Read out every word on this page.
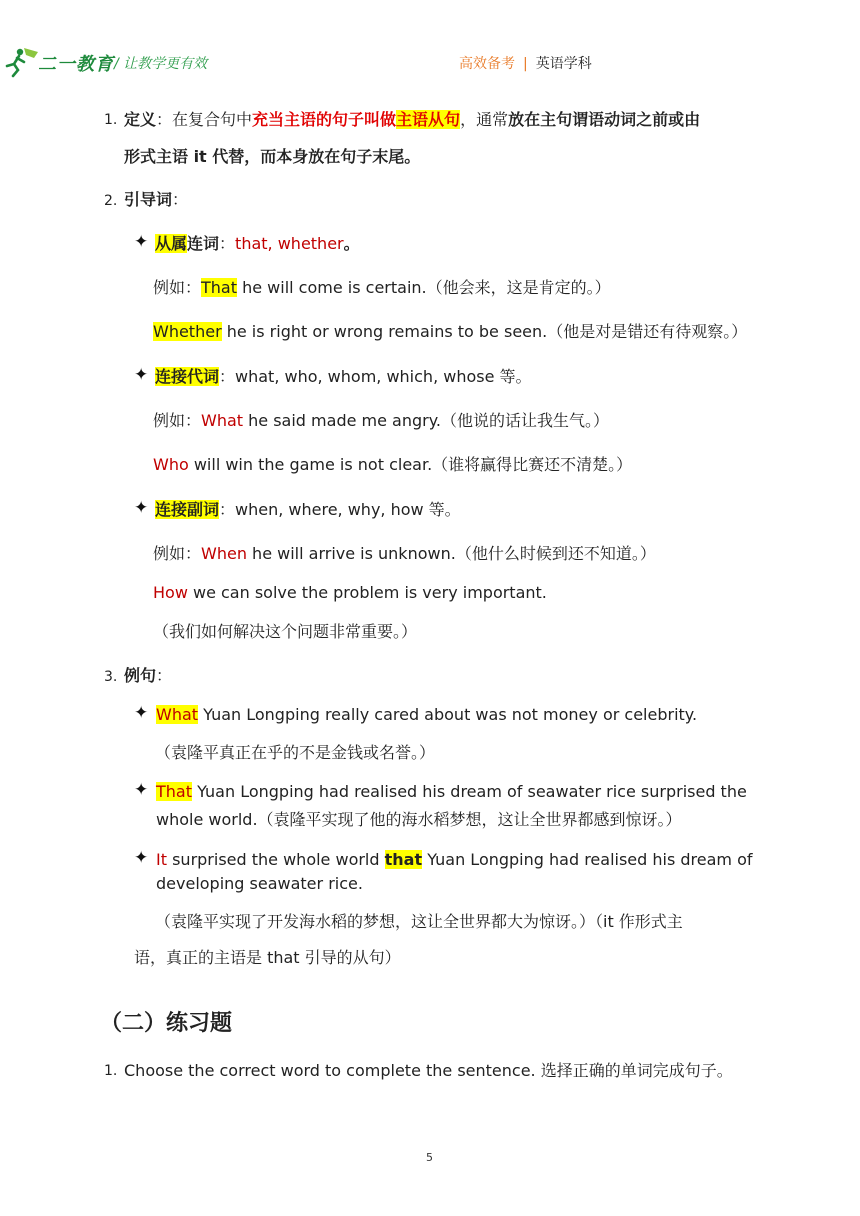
二一教育 / 让教学更有效	高效备考 | 英语学科
1. 定义：在复合句中充当主语的句子叫做主语从句，通常放在主句谓语动词之前或由
形式主语 it 代替，而本身放在句子末尾。
2. 引导词：
✦ 从属连词：that, whether。
例如：That he will come is certain.（他会来，这是肯定的。）
Whether he is right or wrong remains to be seen.（他是对是错还有待观察。）
✦ 连接代词：what, who, whom, which, whose 等。
例如：What he said made me angry.（他说的话让我生气。）
Who will win the game is not clear.（谁将赢得比赛还不清楚。）
✦ 连接副词：when, where, why, how 等。
例如：When he will arrive is unknown.（他什么时候到还不知道。）
How we can solve the problem is very important.
（我们如何解决这个问题非常重要。）
3. 例句：
✦ What Yuan Longping really cared about was not money or celebrity.
（袁隆平真正在乎的不是金钱或名誉。）
✦ That Yuan Longping had realised his dream of seawater rice surprised the
whole world.（袁隆平实现了他的海水稻梦想，这让全世界都感到惊讶。）
✦ It surprised the whole world that Yuan Longping had realised his dream of
developing seawater rice.
（袁隆平实现了开发海水稻的梦想，这让全世界都大为惊讶。）（it 作形式主
语，真正的主语是 that 引导的从句）
（二）练习题
1. Choose the correct word to complete the sentence. 选择正确的单词完成句子。
5
